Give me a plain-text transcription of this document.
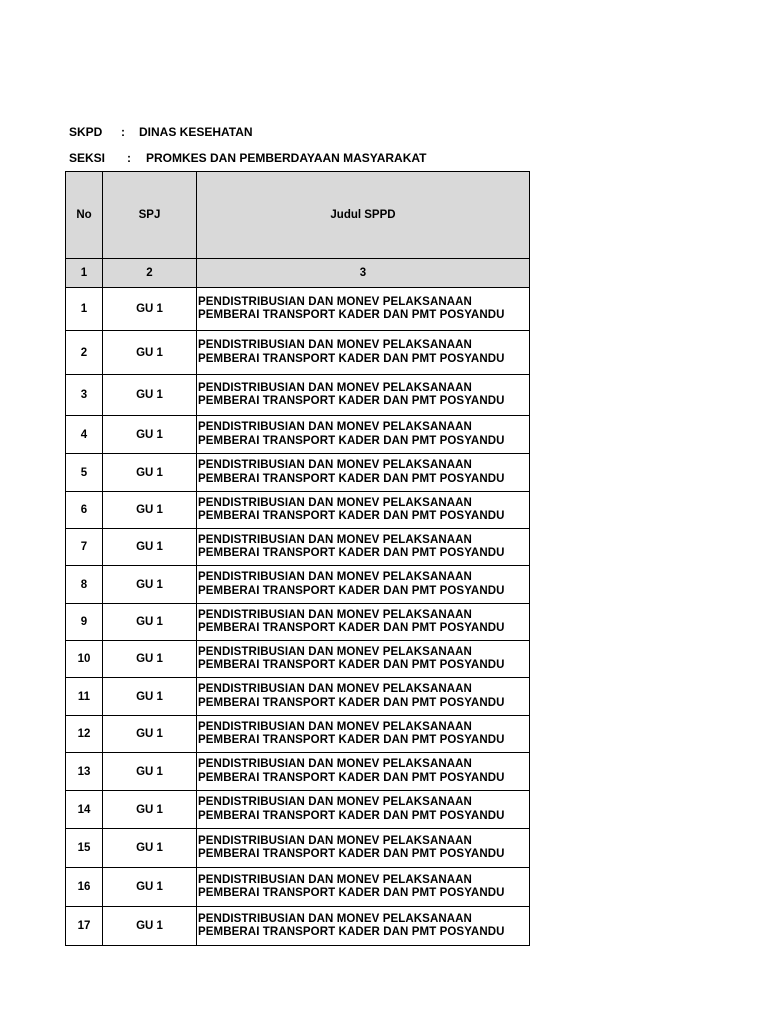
SKPD : DINAS KESEHATAN
SEKSI : PROMKES DAN PEMBERDAYAAN MASYARAKAT
No	SPJ	Judul SPPD
1	2	3
1	GU 1	PENDISTRIBUSIAN DAN MONEV PELAKSANAAN
PEMBERAI TRANSPORT KADER DAN PMT POSYANDU

2	GU 1	PENDISTRIBUSIAN DAN MONEV PELAKSANAAN
PEMBERAI TRANSPORT KADER DAN PMT POSYANDU

3	GU 1	PENDISTRIBUSIAN DAN MONEV PELAKSANAAN
PEMBERAI TRANSPORT KADER DAN PMT POSYANDU

4	GU 1	PENDISTRIBUSIAN DAN MONEV PELAKSANAAN
PEMBERAI TRANSPORT KADER DAN PMT POSYANDU

5	GU 1	PENDISTRIBUSIAN DAN MONEV PELAKSANAAN
PEMBERAI TRANSPORT KADER DAN PMT POSYANDU

6	GU 1	PENDISTRIBUSIAN DAN MONEV PELAKSANAAN
PEMBERAI TRANSPORT KADER DAN PMT POSYANDU

7	GU 1	PENDISTRIBUSIAN DAN MONEV PELAKSANAAN
PEMBERAI TRANSPORT KADER DAN PMT POSYANDU

8	GU 1	PENDISTRIBUSIAN DAN MONEV PELAKSANAAN
PEMBERAI TRANSPORT KADER DAN PMT POSYANDU

9	GU 1	PENDISTRIBUSIAN DAN MONEV PELAKSANAAN
PEMBERAI TRANSPORT KADER DAN PMT POSYANDU

10	GU 1	PENDISTRIBUSIAN DAN MONEV PELAKSANAAN
PEMBERAI TRANSPORT KADER DAN PMT POSYANDU

11	GU 1	PENDISTRIBUSIAN DAN MONEV PELAKSANAAN
PEMBERAI TRANSPORT KADER DAN PMT POSYANDU

12	GU 1	PENDISTRIBUSIAN DAN MONEV PELAKSANAAN
PEMBERAI TRANSPORT KADER DAN PMT POSYANDU

13	GU 1	PENDISTRIBUSIAN DAN MONEV PELAKSANAAN
PEMBERAI TRANSPORT KADER DAN PMT POSYANDU

14	GU 1	PENDISTRIBUSIAN DAN MONEV PELAKSANAAN
PEMBERAI TRANSPORT KADER DAN PMT POSYANDU

15	GU 1	PENDISTRIBUSIAN DAN MONEV PELAKSANAAN
PEMBERAI TRANSPORT KADER DAN PMT POSYANDU

16	GU 1	PENDISTRIBUSIAN DAN MONEV PELAKSANAAN
PEMBERAI TRANSPORT KADER DAN PMT POSYANDU

17	GU 1	PENDISTRIBUSIAN DAN MONEV PELAKSANAAN
PEMBERAI TRANSPORT KADER DAN PMT POSYANDU
